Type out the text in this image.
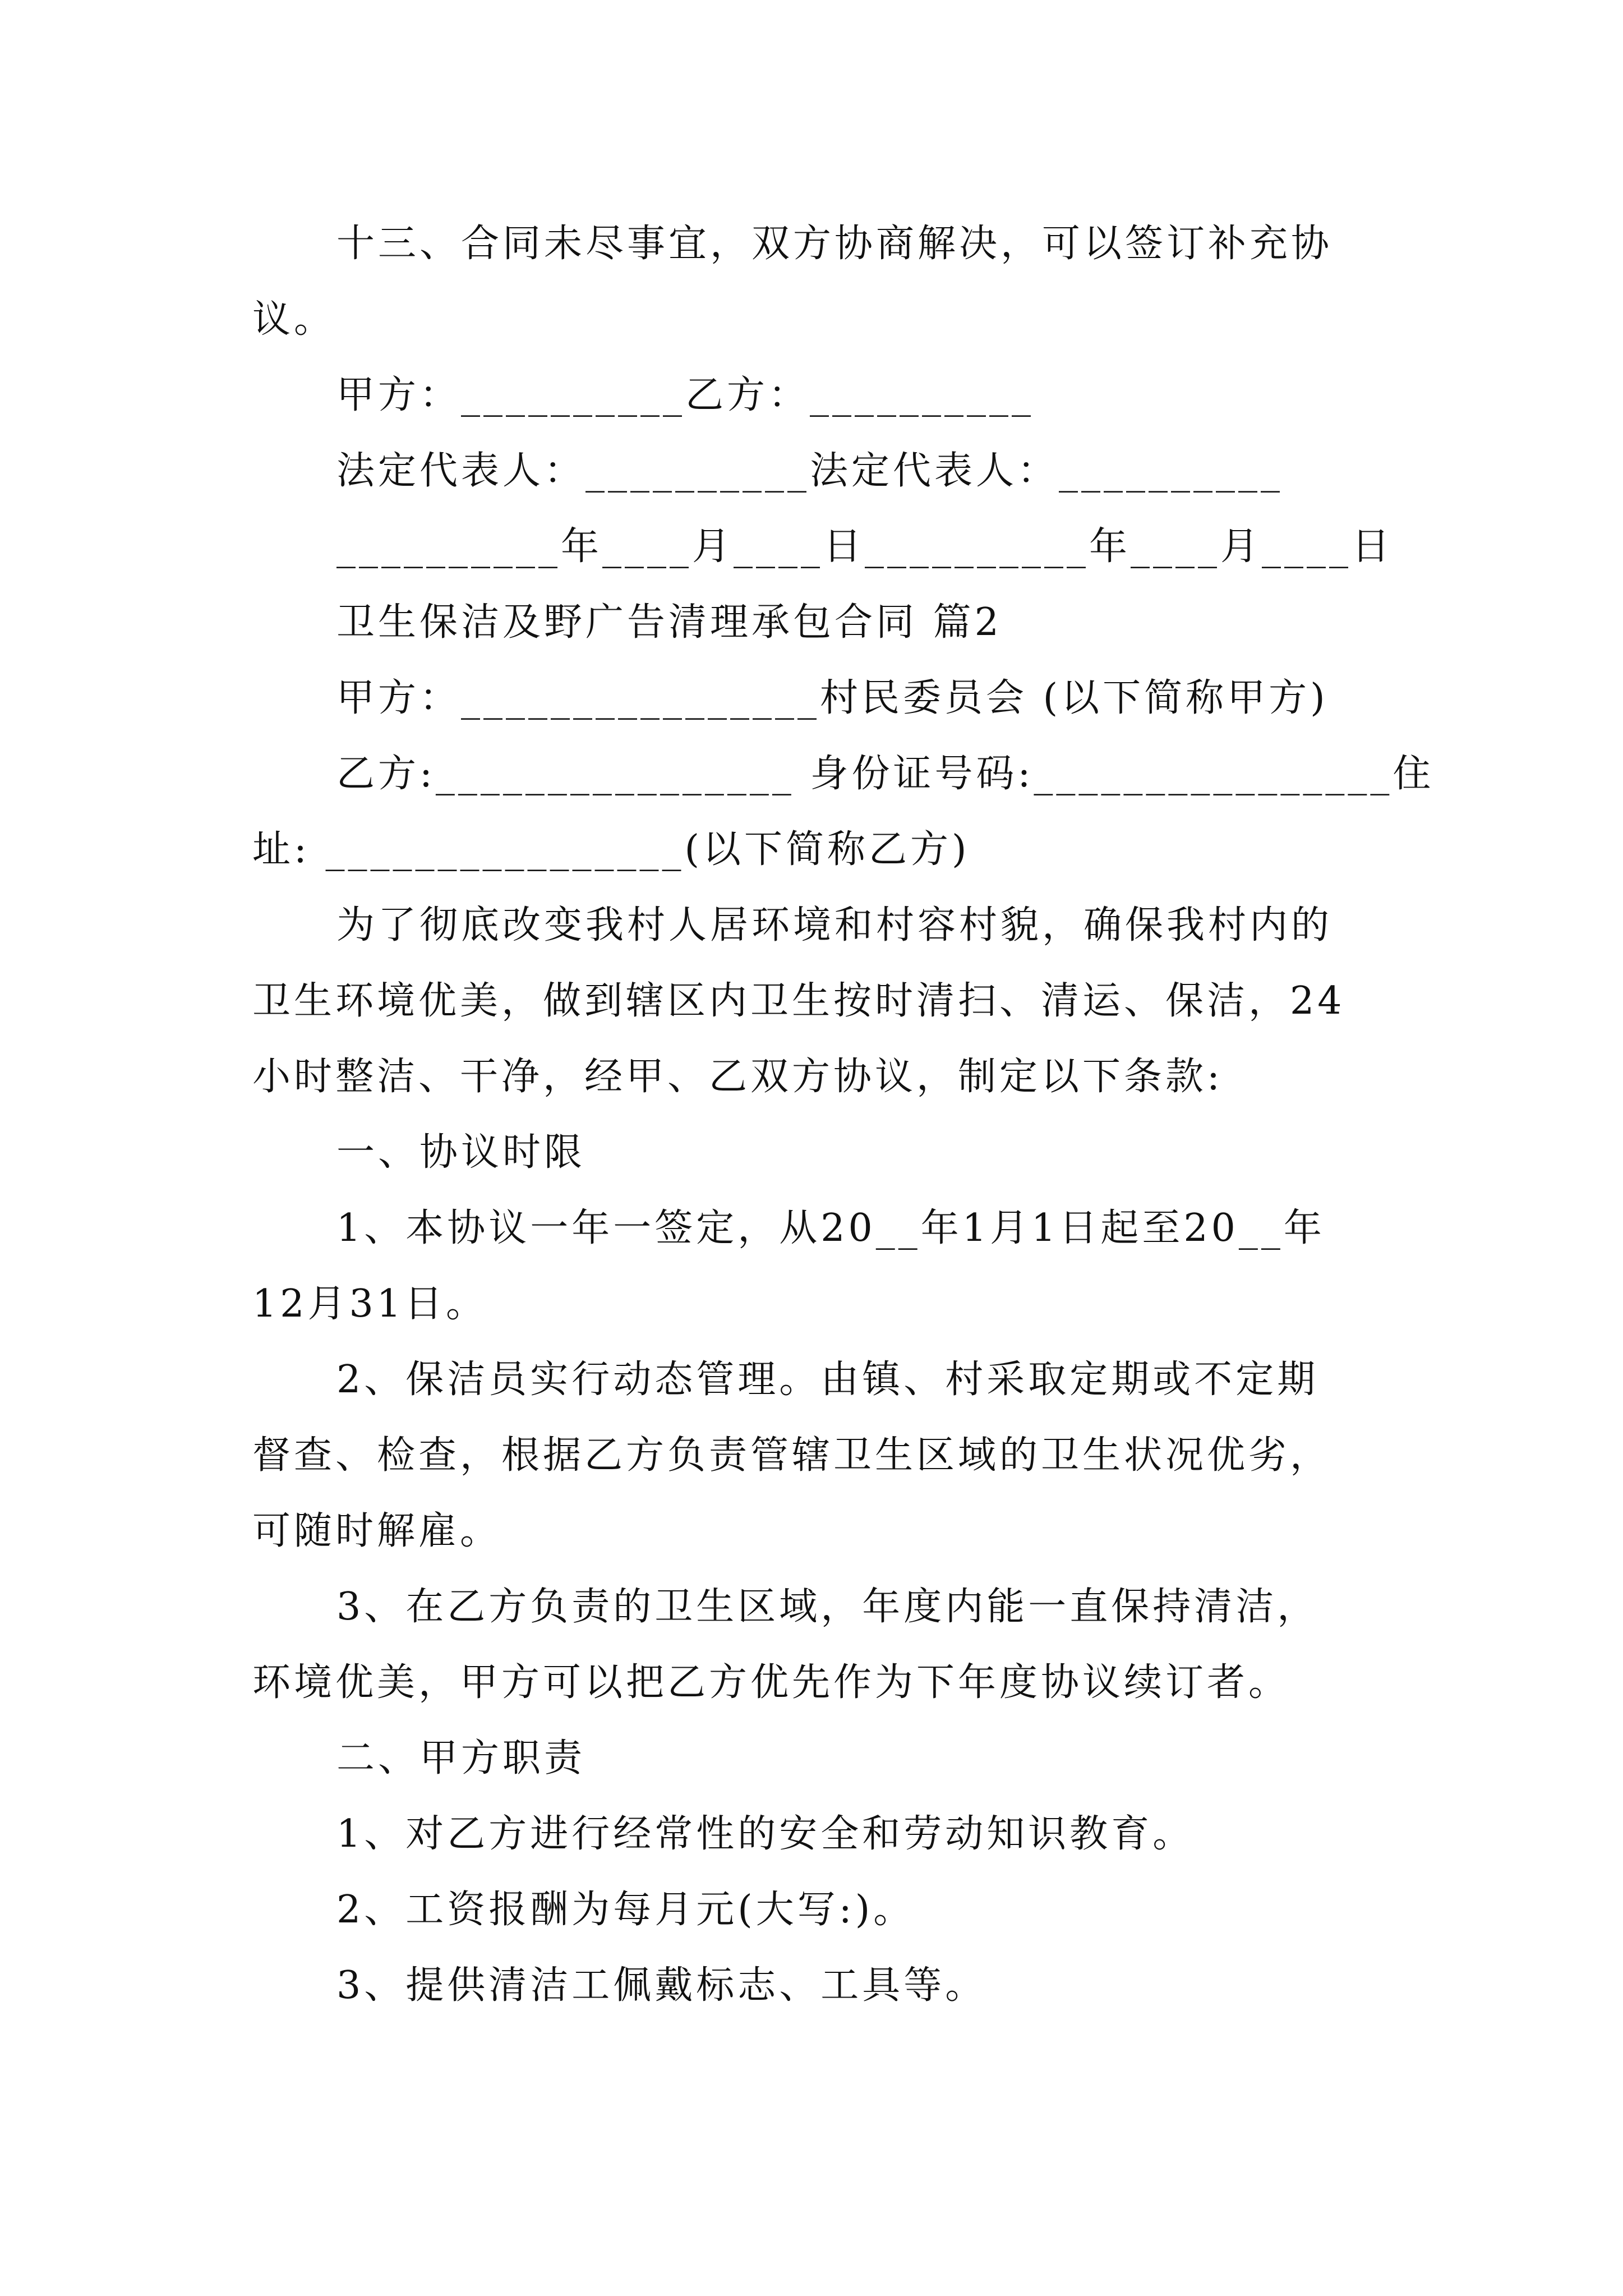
十三、合同未尽事宜，双方协商解决，可以签订补充协
议。
甲方：__________乙方：__________
法定代表人：__________法定代表人：__________
__________年____月____日__________年____月____日
卫生保洁及野广告清理承包合同 篇2
甲方：________________村民委员会 (以下简称甲方)
乙方:________________ 身份证号码:________________住
址: ________________(以下简称乙方)
为了彻底改变我村人居环境和村容村貌，确保我村内的
卫生环境优美，做到辖区内卫生按时清扫、清运、保洁，24
小时整洁、干净，经甲、乙双方协议，制定以下条款:
一、协议时限
1、本协议一年一签定，从20__年1月1日起至20__年
12月31日。
2、保洁员实行动态管理。由镇、村采取定期或不定期
督查、检查，根据乙方负责管辖卫生区域的卫生状况优劣，
可随时解雇。
3、在乙方负责的卫生区域，年度内能一直保持清洁，
环境优美，甲方可以把乙方优先作为下年度协议续订者。
二、甲方职责
1、对乙方进行经常性的安全和劳动知识教育。
2、工资报酬为每月元(大写:)。
3、提供清洁工佩戴标志、工具等。
